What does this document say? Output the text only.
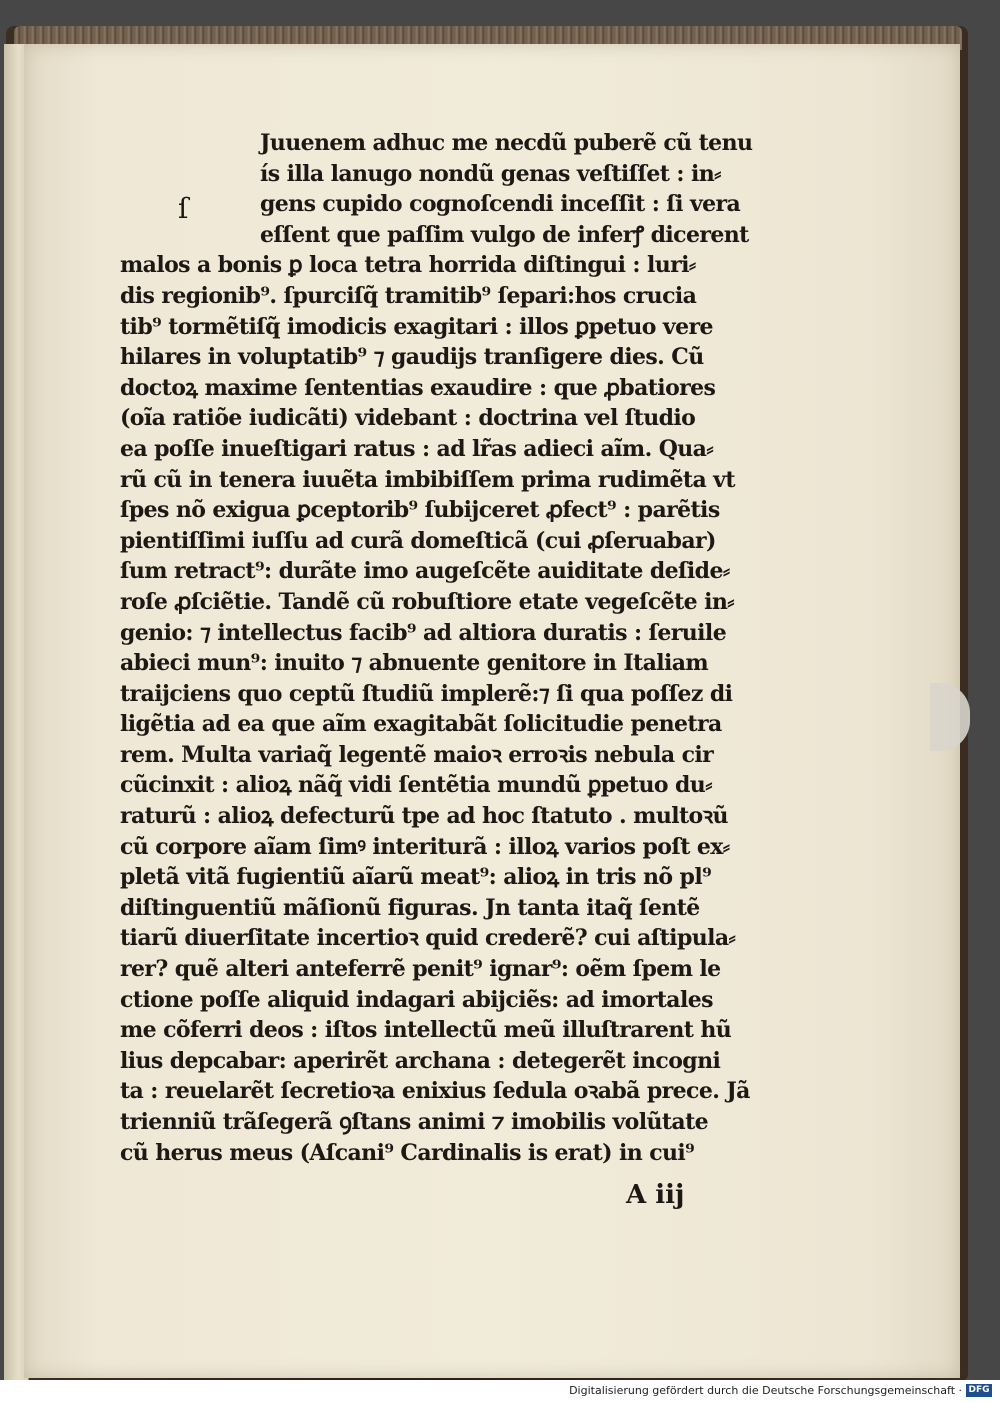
ſ
Juuenem adhuc me necdũ puberẽ cũ tenu
ís illa lanugo nondũ genas veſtiſſet : in⸗
gens cupido cognoſcendi inceſſit : ſi vera
eſſent que paſſim vulgo de inferꝭ dicerent
malos a bonis ꝑ loca tetra horrida diſtingui : luri⸗
dis regionib⁹. ſpurciſq̃ tramitib⁹ ſepari:hos crucia
tib⁹ tormẽtiſq̃ imodicis exagitari : illos ꝑpetuo vere
hilares in voluptatib⁹ ⁊ gaudijs tranſigere dies. Cũ
doctoꝝ maxime ſententias exaudire : que ꝓbatiores
(oĩa ratiõe iudicãti) videbant : doctrina vel ſtudio
ea poſſe inueſtigari ratus : ad lr̃as adieci aĩm. Qua⸗
rũ cũ in tenera iuuẽta imbibiſſem prima rudimẽta vt
ſpes nõ exigua ꝑceptorib⁹ ſubijceret ꝓfect⁹ : parẽtis
pientiſſimi iuſſu ad curã domeſticã (cui ꝓſeruabar)
ſum retract⁹: durãte imo augeſcẽte auiditate deſide⸗
roſe ꝓſciẽtie. Tandẽ cũ robuſtiore etate vegeſcẽte in⸗
genio: ⁊ intellectus facib⁹ ad altiora duratis : ſeruile
abieci mun⁹: inuito ⁊ abnuente genitore in Italiam
traijciens quo ceptũ ſtudiũ implerẽ:⁊ ſi qua poſſez di
ligẽtia ad ea que aĩm exagitabãt ſolicitudie penetra
rem. Multa variaq̃ legentẽ maioꝛ erroꝛis nebula cir
cũcinxit : alioꝝ nãq̃ vidi ſentẽtia mundũ ꝑpetuo du⸗
raturũ : alioꝝ defecturũ tpe ad hoc ſtatuto . multoꝛũ
cũ corpore aĩam ſimꝰ interiturã : illoꝝ varios poſt ex⸗
pletã vitã fugientiũ aĩarũ meat⁹: alioꝝ in tris nõ pl⁹
diſtinguentiũ mãſionũ figuras. Jn tanta itaq̃ ſentẽ
tiarũ diuerſitate incertioꝛ quid crederẽ? cui aſtipula⸗
rer? quẽ alteri anteferrẽ penit⁹ ignar⁹: oẽm ſpem le
ctione poſſe aliquid indagari abijciẽs: ad imortales
me cõferri deos : iſtos intellectũ meũ illuſtrarent hũ
lius depcabar: aperirẽt archana : detegerẽt incogni
ta : reuelarẽt ſecretioꝛa enixius ſedula oꝛabã prece. Jã
trienniũ trãſegerã ꝯſtans animi ⁊ imobilis volũtate
cũ herus meus (Aſcani⁹ Cardinalis is erat) in cui⁹
A iij
Digitalisierung gefördert durch die Deutsche Forschungsgemeinschaft · DFG
